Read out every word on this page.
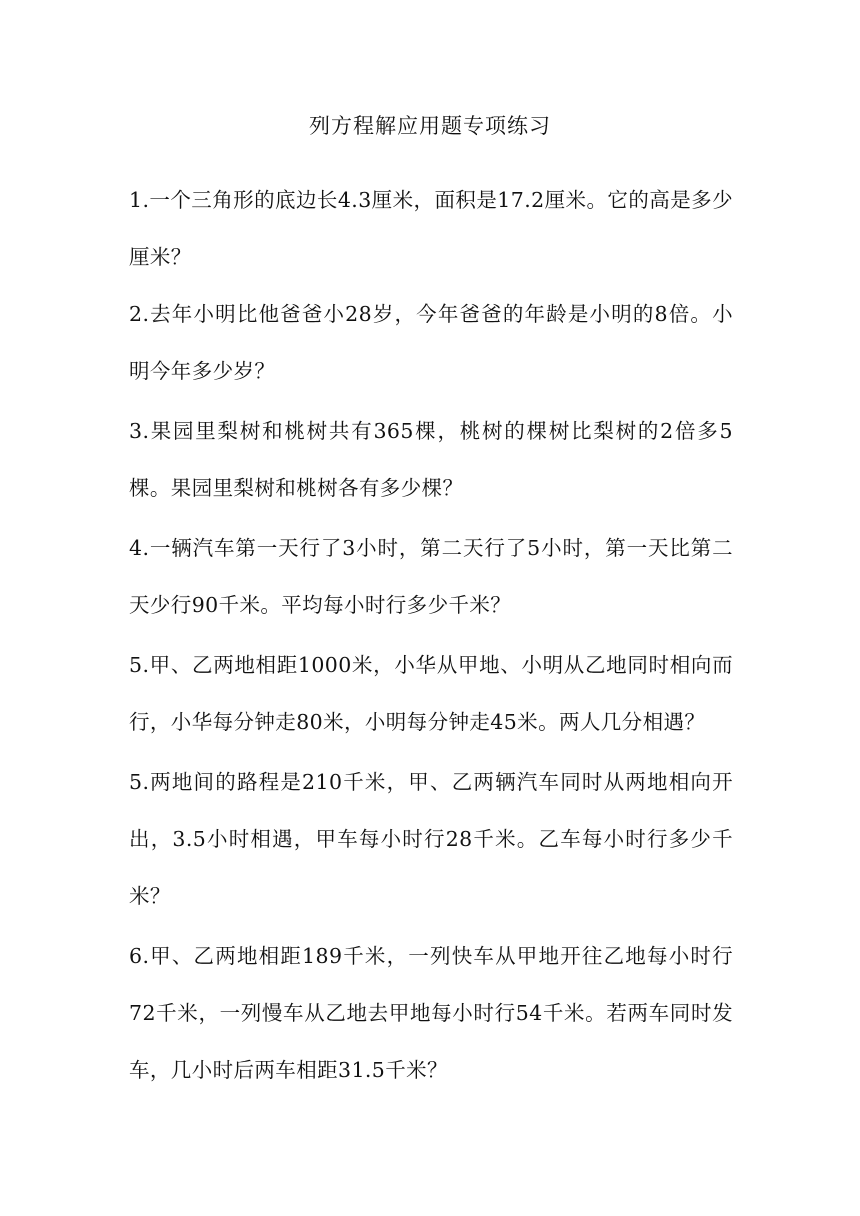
列方程解应用题专项练习

1.一个三角形的底边长4.3厘米，面积是17.2厘米。它的高是多少厘米？

2.去年小明比他爸爸小28岁，今年爸爸的年龄是小明的8倍。小明今年多少岁？

3.果园里梨树和桃树共有365棵，桃树的棵树比梨树的2倍多5棵。果园里梨树和桃树各有多少棵？

4.一辆汽车第一天行了3小时，第二天行了5小时，第一天比第二天少行90千米。平均每小时行多少千米？

5.甲、乙两地相距1000米，小华从甲地、小明从乙地同时相向而行，小华每分钟走80米，小明每分钟走45米。两人几分相遇？

5.两地间的路程是210千米，甲、乙两辆汽车同时从两地相向开出，3.5小时相遇，甲车每小时行28千米。乙车每小时行多少千米？

6.甲、乙两地相距189千米，一列快车从甲地开往乙地每小时行72千米，一列慢车从乙地去甲地每小时行54千米。若两车同时发车，几小时后两车相距31.5千米？
